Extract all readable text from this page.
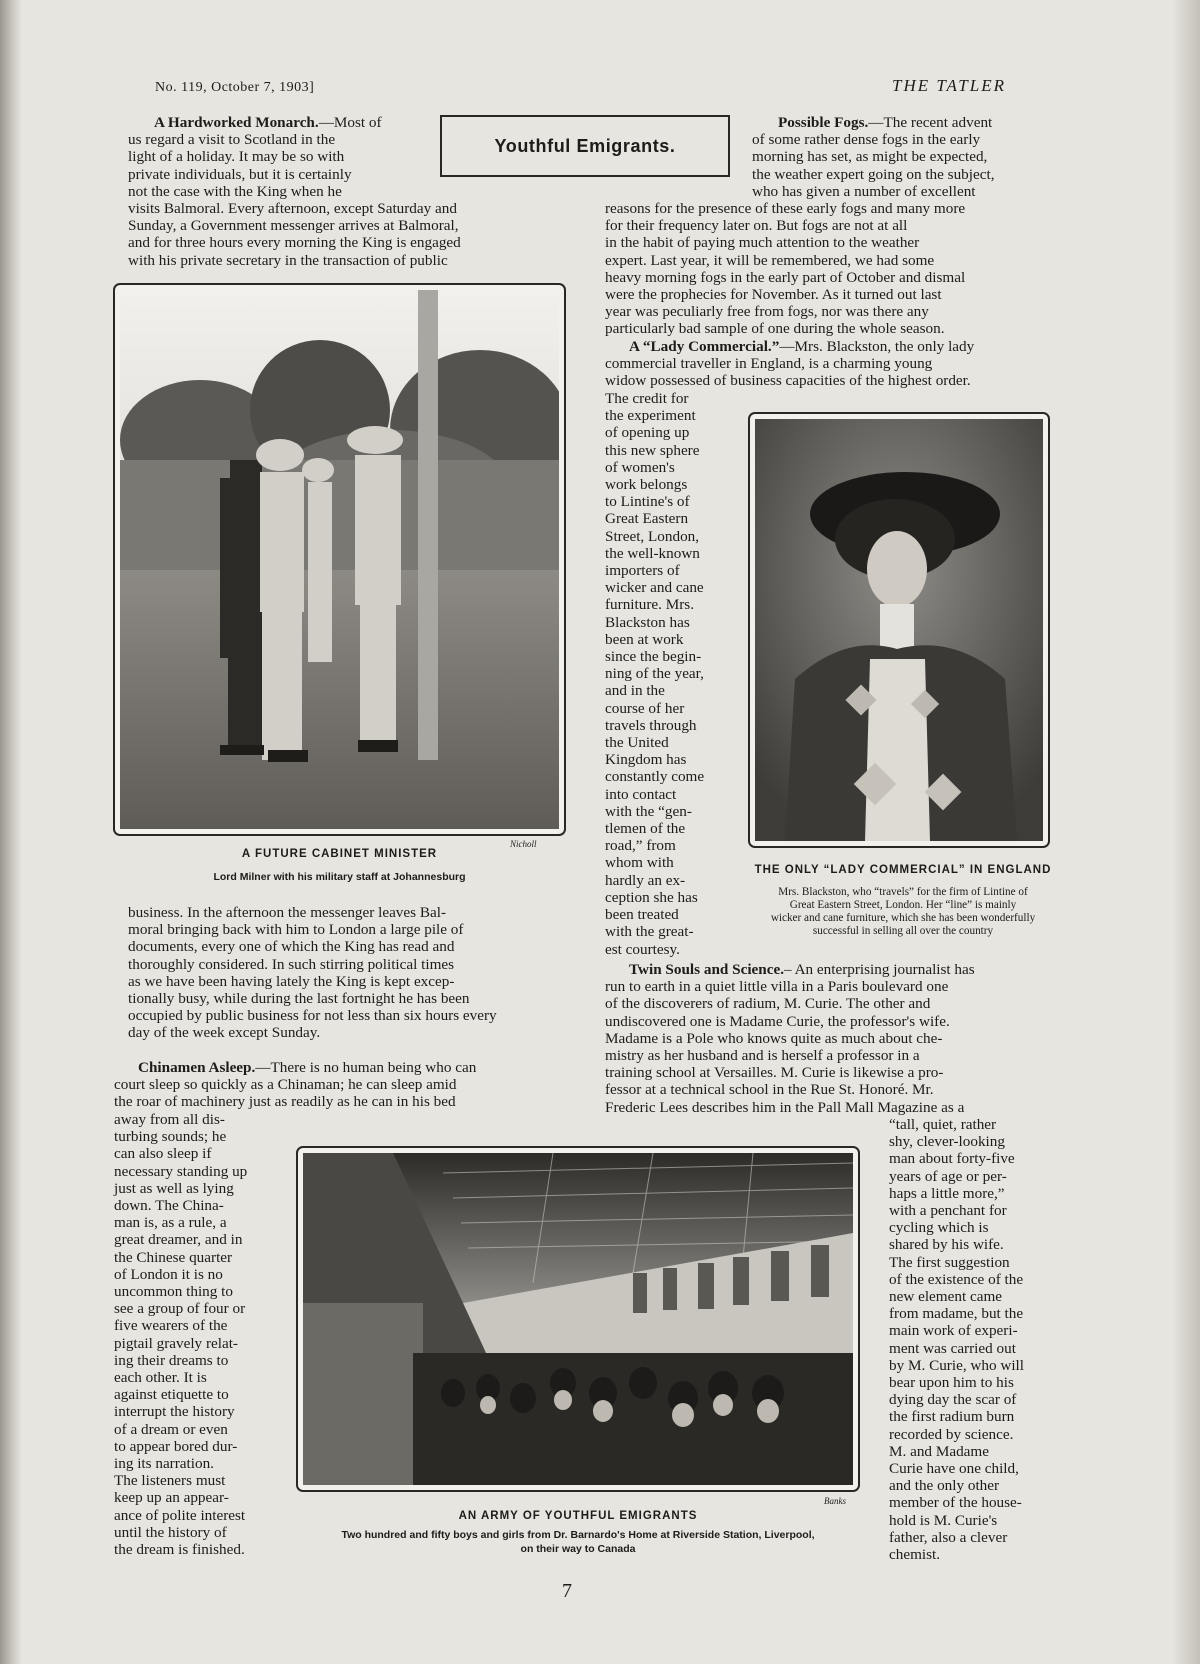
No. 119, October 7, 1903]	THE TATLER

A Hardworked Monarch.—Most of

us regard a visit to Scotland in the

light of a holiday. It may be so with

private individuals, but it is certainly

not the case with the King when he

visits Balmoral. Every afternoon, except Saturday and

Sunday, a Government messenger arrives at Balmoral,

and for three hours every morning the King is engaged

with his private secretary in the transaction of public

Youthful Emigrants.
Nicholl
A FUTURE CABINET MINISTER
Lord Milner with his military staff at Johannesburg

business. In the afternoon the messenger leaves Bal-

moral bringing back with him to London a large pile of

documents, every one of which the King has read and

thoroughly considered. In such stirring political times

as we have been having lately the King is kept excep-

tionally busy, while during the last fortnight he has been

occupied by public business for not less than six hours every

day of the week except Sunday.

Chinamen Asleep.—There is no human being who can

court sleep so quickly as a Chinaman; he can sleep amid

the roar of machinery just as readily as he can in his bed

away from all dis-

turbing sounds; he

can also sleep if

necessary standing up

just as well as lying

down. The China-

man is, as a rule, a

great dreamer, and in

the Chinese quarter

of London it is no

uncommon thing to

see a group of four or

five wearers of the

pigtail gravely relat-

ing their dreams to

each other. It is

against etiquette to

interrupt the history

of a dream or even

to appear bored dur-

ing its narration.

The listeners must

keep up an appear-

ance of polite interest

until the history of

the dream is finished.

Possible Fogs.—The recent advent

of some rather dense fogs in the early

morning has set, as might be expected,

the weather expert going on the subject,

who has given a number of excellent

reasons for the presence of these early fogs and many more

for their frequency later on. But fogs are not at all

in the habit of paying much attention to the weather

expert. Last year, it will be remembered, we had some

heavy morning fogs in the early part of October and dismal

were the prophecies for November. As it turned out last

year was peculiarly free from fogs, nor was there any

particularly bad sample of one during the whole season.

A “Lady Commercial.”—Mrs. Blackston, the only lady

commercial traveller in England, is a charming young

widow possessed of business capacities of the highest order.

The credit for

the experiment

of opening up

this new sphere

of women's

work belongs

to Lintine's of

Great Eastern

Street, London,

the well-known

importers of

wicker and cane

furniture. Mrs.

Blackston has

been at work

since the begin-

ning of the year,

and in the

course of her

travels through

the United

Kingdom has

constantly come

into contact

with the “gen-

tlemen of the

road,” from

whom with

hardly an ex-

ception she has

been treated

with the great-

est courtesy.

THE ONLY “LADY COMMERCIAL” IN ENGLAND
Mrs. Blackston, who “travels” for the firm of Lintine of
Great Eastern Street, London. Her “line” is mainly
wicker and cane furniture, which she has been wonderfully
successful in selling all over the country

Twin Souls and Science.– An enterprising journalist has

run to earth in a quiet little villa in a Paris boulevard one

of the discoverers of radium, M. Curie. The other and

undiscovered one is Madame Curie, the professor's wife.

Madame is a Pole who knows quite as much about che-

mistry as her husband and is herself a professor in a

training school at Versailles. M. Curie is likewise a pro-

fessor at a technical school in the Rue St. Honoré. Mr.

Frederic Lees describes him in the Pall Mall Magazine as a

“tall, quiet, rather

shy, clever-looking

man about forty-five

years of age or per-

haps a little more,”

with a penchant for

cycling which is

shared by his wife.

The first suggestion

of the existence of the

new element came

from madame, but the

main work of experi-

ment was carried out

by M. Curie, who will

bear upon him to his

dying day the scar of

the first radium burn

recorded by science.

M. and Madame

Curie have one child,

and the only other

member of the house-

hold is M. Curie's

father, also a clever

chemist.

Banks
AN ARMY OF YOUTHFUL EMIGRANTS
Two hundred and fifty boys and girls from Dr. Barnardo's Home at Riverside Station, Liverpool,
on their way to Canada
7
